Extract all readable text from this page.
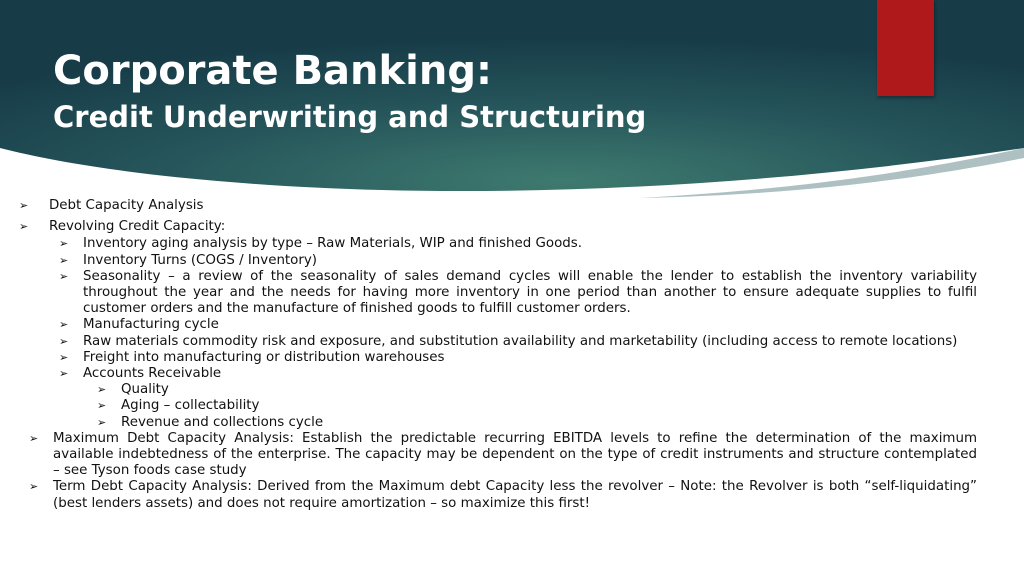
Corporate Banking:
Credit Underwriting and Structuring
➢ Debt Capacity Analysis
➢ Revolving Credit Capacity:
➢ Inventory aging analysis by type – Raw Materials, WIP and finished Goods.
➢ Inventory Turns (COGS / Inventory)
➢ Seasonality – a review of the seasonality of sales demand cycles will enable the lender to establish the inventory variability throughout the year and the needs for having more inventory in one period than another to ensure adequate supplies to fulfil customer orders and the manufacture of finished goods to fulfill customer orders.
➢ Manufacturing cycle
➢ Raw materials commodity risk and exposure, and substitution availability and marketability (including access to remote locations)
➢ Freight into manufacturing or distribution warehouses
➢ Accounts Receivable
➢ Quality
➢ Aging – collectability
➢ Revenue and collections cycle
➢ Maximum Debt Capacity Analysis: Establish the predictable recurring EBITDA levels to refine the determination of the maximum available indebtedness of the enterprise. The capacity may be dependent on the type of credit instruments and structure contemplated – see Tyson foods case study
➢ Term Debt Capacity Analysis: Derived from the Maximum debt Capacity less the revolver – Note: the Revolver is both “self-liquidating” (best lenders assets) and does not require amortization – so maximize this first!
